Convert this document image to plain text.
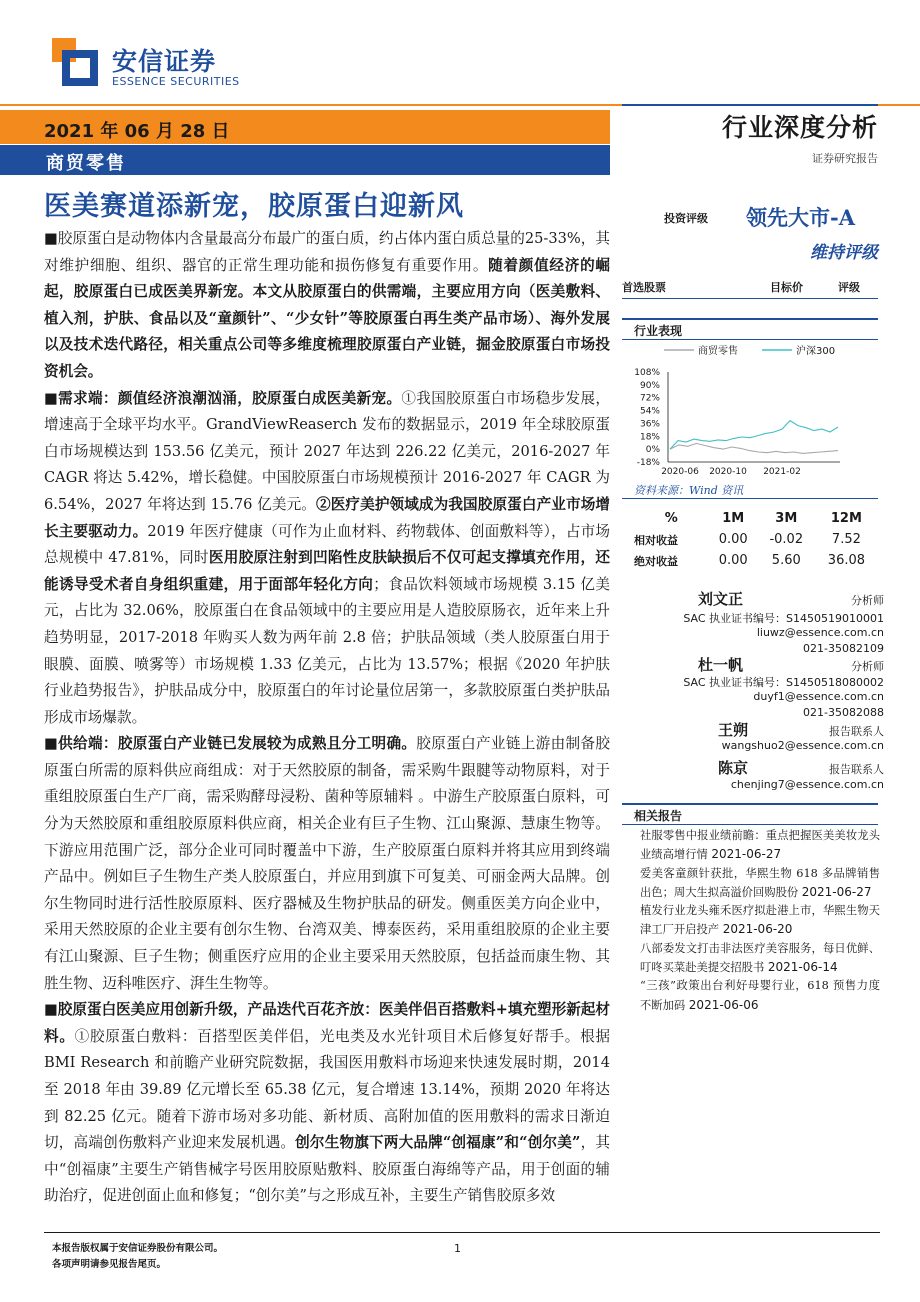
安信证券
ESSENCE SECURITIES
2021 年 06 月 28 日
商贸零售
行业深度分析
证券研究报告
医美赛道添新宠，胶原蛋白迎新风

■胶原蛋白是动物体内含量最高分布最广的蛋白质，约占体内蛋白质总量的25-33%，其对维护细胞、组织、器官的正常生理功能和损伤修复有重要作用。随着颜值经济的崛起，胶原蛋白已成医美界新宠。本文从胶原蛋白的供需端，主要应用方向（医美敷料、植入剂，护肤、食品以及“童颜针”、“少女针”等胶原蛋白再生类产品市场）、海外发展以及技术迭代路径，相关重点公司等多维度梳理胶原蛋白产业链，掘金胶原蛋白市场投资机会。

■需求端：颜值经济浪潮汹涌，胶原蛋白成医美新宠。①我国胶原蛋白市场稳步发展，增速高于全球平均水平。GrandViewReaserch 发布的数据显示，2019 年全球胶原蛋白市场规模达到 153.56 亿美元，预计 2027 年达到 226.22 亿美元，2016-2027 年 CAGR 将达 5.42%，增长稳健。中国胶原蛋白市场规模预计 2016-2027 年 CAGR 为 6.54%，2027 年将达到 15.76 亿美元。②医疗美护领域成为我国胶原蛋白产业市场增长主要驱动力。2019 年医疗健康（可作为止血材料、药物载体、创面敷料等），占市场总规模中 47.81%，同时医用胶原注射到凹陷性皮肤缺损后不仅可起支撑填充作用，还能诱导受术者自身组织重建，用于面部年轻化方向；食品饮料领域市场规模 3.15 亿美元，占比为 32.06%，胶原蛋白在食品领域中的主要应用是人造胶原肠衣，近年来上升趋势明显，2017-2018 年购买人数为两年前 2.8 倍；护肤品领域（类人胶原蛋白用于眼膜、面膜、喷雾等）市场规模 1.33 亿美元，占比为 13.57%；根据《2020 年护肤行业趋势报告》，护肤品成分中，胶原蛋白的年讨论量位居第一，多款胶原蛋白类护肤品形成市场爆款。

■供给端：胶原蛋白产业链已发展较为成熟且分工明确。胶原蛋白产业链上游由制备胶原蛋白所需的原料供应商组成：对于天然胶原的制备，需采购牛跟腱等动物原料，对于重组胶原蛋白生产厂商，需采购酵母浸粉、菌种等原辅料 。中游生产胶原蛋白原料，可分为天然胶原和重组胶原原料供应商，相关企业有巨子生物、江山聚源、慧康生物等。下游应用范围广泛，部分企业可同时覆盖中下游，生产胶原蛋白原料并将其应用到终端产品中。例如巨子生物生产类人胶原蛋白，并应用到旗下可复美、可丽金两大品牌。创尔生物同时进行活性胶原原料、医疗器械及生物护肤品的研发。侧重医美方向企业中，采用天然胶原的企业主要有创尔生物、台湾双美、博泰医药，采用重组胶原的企业主要有江山聚源、巨子生物；侧重医疗应用的企业主要采用天然胶原，包括益而康生物、其胜生物、迈科唯医疗、湃生生物等。

■胶原蛋白医美应用创新升级，产品迭代百花齐放：医美伴侣百搭敷料+填充塑形新起材料。①胶原蛋白敷料：百搭型医美伴侣，光电类及水光针项目术后修复好帮手。根据 BMI Research 和前瞻产业研究院数据，我国医用敷料市场迎来快速发展时期，2014 至 2018 年由 39.89 亿元增长至 65.38 亿元，复合增速 13.14%，预期 2020 年将达到 82.25 亿元。随着下游市场对多功能、新材质、高附加值的医用敷料的需求日渐迫切，高端创伤敷料产业迎来发展机遇。创尔生物旗下两大品牌“创福康”和“创尔美”，其中“创福康”主要生产销售械字号医用胶原贴敷料、胶原蛋白海绵等产品，用于创面的辅助治疗，促进创面止血和修复；“创尔美”与之形成互补，主要生产销售胶原多效

投资评级 领先大市-A
维持评级
首选股票	目标价	评级
行业表现
商贸零售	沪深300
108%
90%
72%
54%
36%
18%
0%
-18%
2020-06 2020-10 2021-02
资料来源：Wind 资讯
%	1M	3M	12M
相对收益	0.00	-0.02	7.52
绝对收益	0.00	5.60	36.08
刘文正	分析师
SAC 执业证书编号：S1450519010001
liuwz@essence.com.cn
021-35082109
杜一帆	分析师
SAC 执业证书编号：S1450518080002
duyf1@essence.com.cn
021-35082088
王朔	报告联系人
wangshuo2@essence.com.cn
陈京	报告联系人
chenjing7@essence.com.cn
相关报告
社服零售中报业绩前瞻：重点把握医美美妆龙头业绩高增行情 2021-06-27
爱美客童颜针获批，华熙生物 618 多品牌销售出色；周大生拟高溢价回购股份 2021-06-27
植发行业龙头雍禾医疗拟赴港上市，华熙生物天津工厂开启投产 2021-06-20
八部委发文打击非法医疗美容服务，每日优鲜、叮咚买菜赴美提交招股书 2021-06-14
“三孩”政策出台利好母婴行业，618 预售力度不断加码 2021-06-06
本报告版权属于安信证券股份有限公司。
各项声明请参见报告尾页。
1
